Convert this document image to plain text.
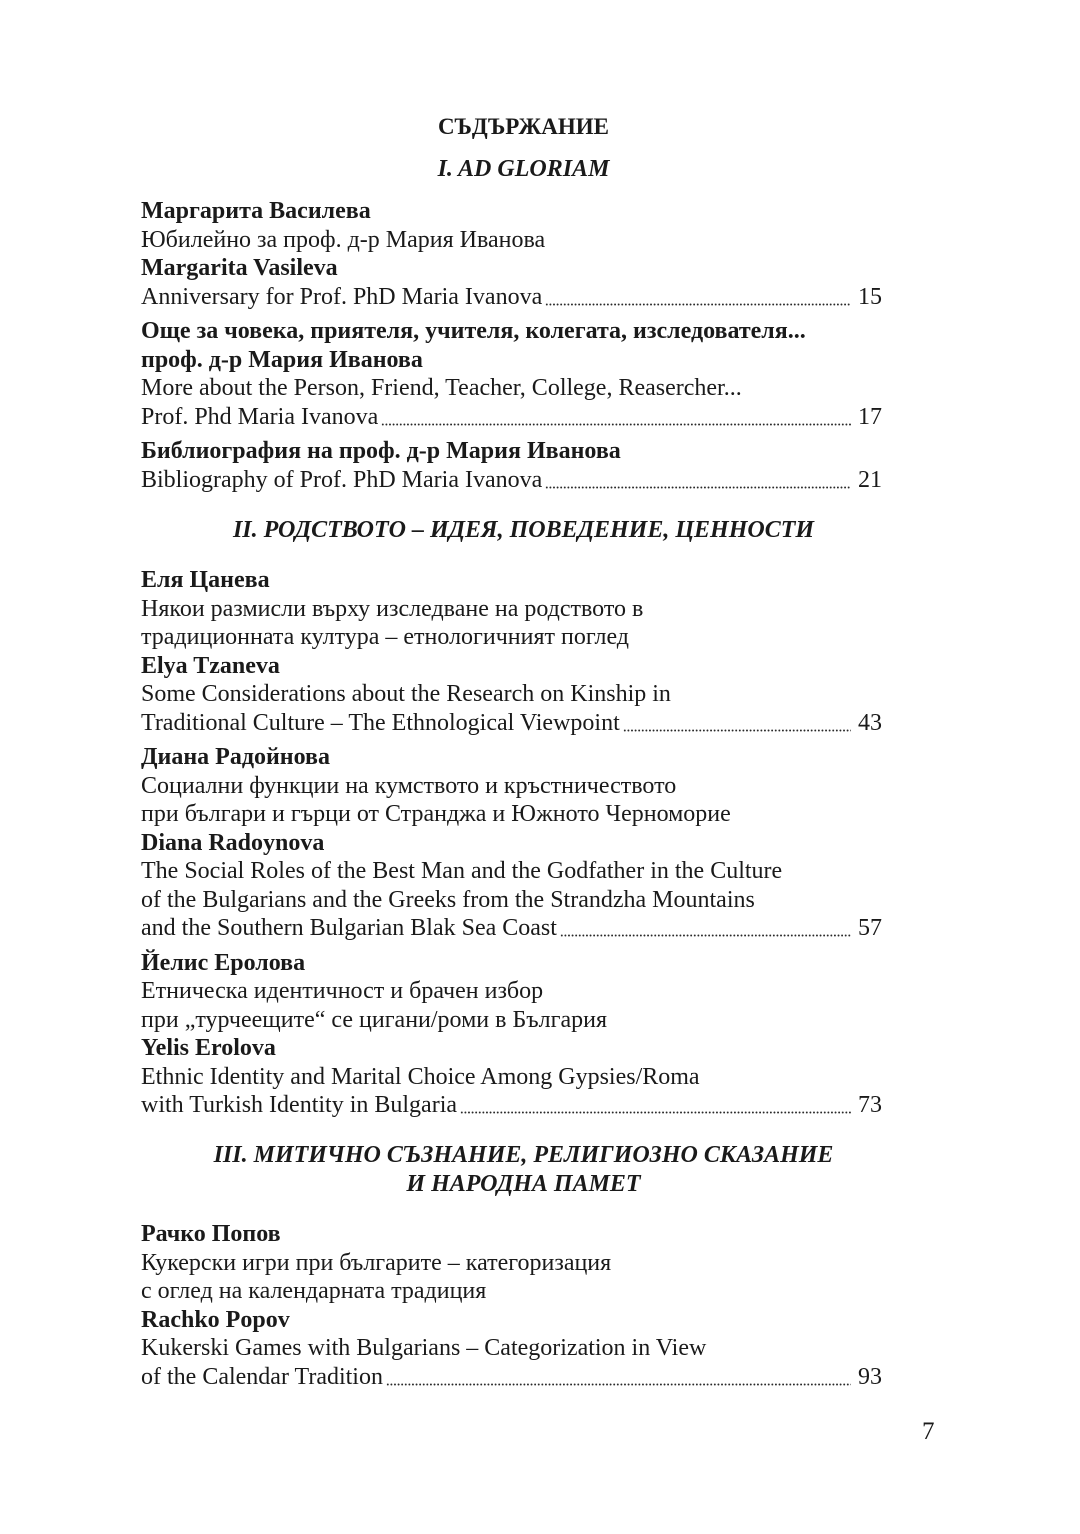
СЪДЪРЖАНИЕ
I. AD GLORIAM
Маргарита Василева
Юбилейно за проф. д-р Мария Иванова
Margarita Vasileva
Anniversary for Prof. PhD Maria Ivanova	15
Още за човека, приятеля, учителя, колегата, изследователя...
проф. д-р Мария Иванова
More about the Person, Friend, Teacher, College, Reasercher...
Prof. Phd Maria Ivanova	17
Библиография на проф. д-р Мария Иванова
Bibliography of Prof. PhD Maria Ivanova	21
II. РОДСТВОТО – ИДЕЯ, ПОВЕДЕНИЕ, ЦЕННОСТИ
Еля Цанева
Някои размисли върху изследване на родството в
традиционната култура – етнологичният поглед
Elya Tzaneva
Some Considerations about the Research on Kinship in
Traditional Culture – The Ethnological Viewpoint	43
Диана Радойнова
Социални функции на кумството и кръстничеството
при българи и гърци от Странджа и Южното Черноморие
Diana Radoynova
The Social Roles of the Best Man and the Godfather in the Culture
of the Bulgarians and the Greeks from the Strandzha Mountains
and the Southern Bulgarian Blak Sea Coast	57
Йелис Еролова
Етническа идентичност и брачен избор
при „турчеещите“ се цигани/роми в България
Yelis Erolova
Ethnic Identity and Marital Choice Among Gypsies/Roma
with Turkish Identity in Bulgaria	73
III. МИТИЧНО СЪЗНАНИЕ, РЕЛИГИОЗНО СКАЗАНИЕ
И НАРОДНА ПАМЕТ
Рачко Попов
Кукерски игри при българите – категоризация
с оглед на календарната традиция
Rachko Popov
Kukerski Games with Bulgarians – Categorization in View
of the Calendar Tradition	93
7
